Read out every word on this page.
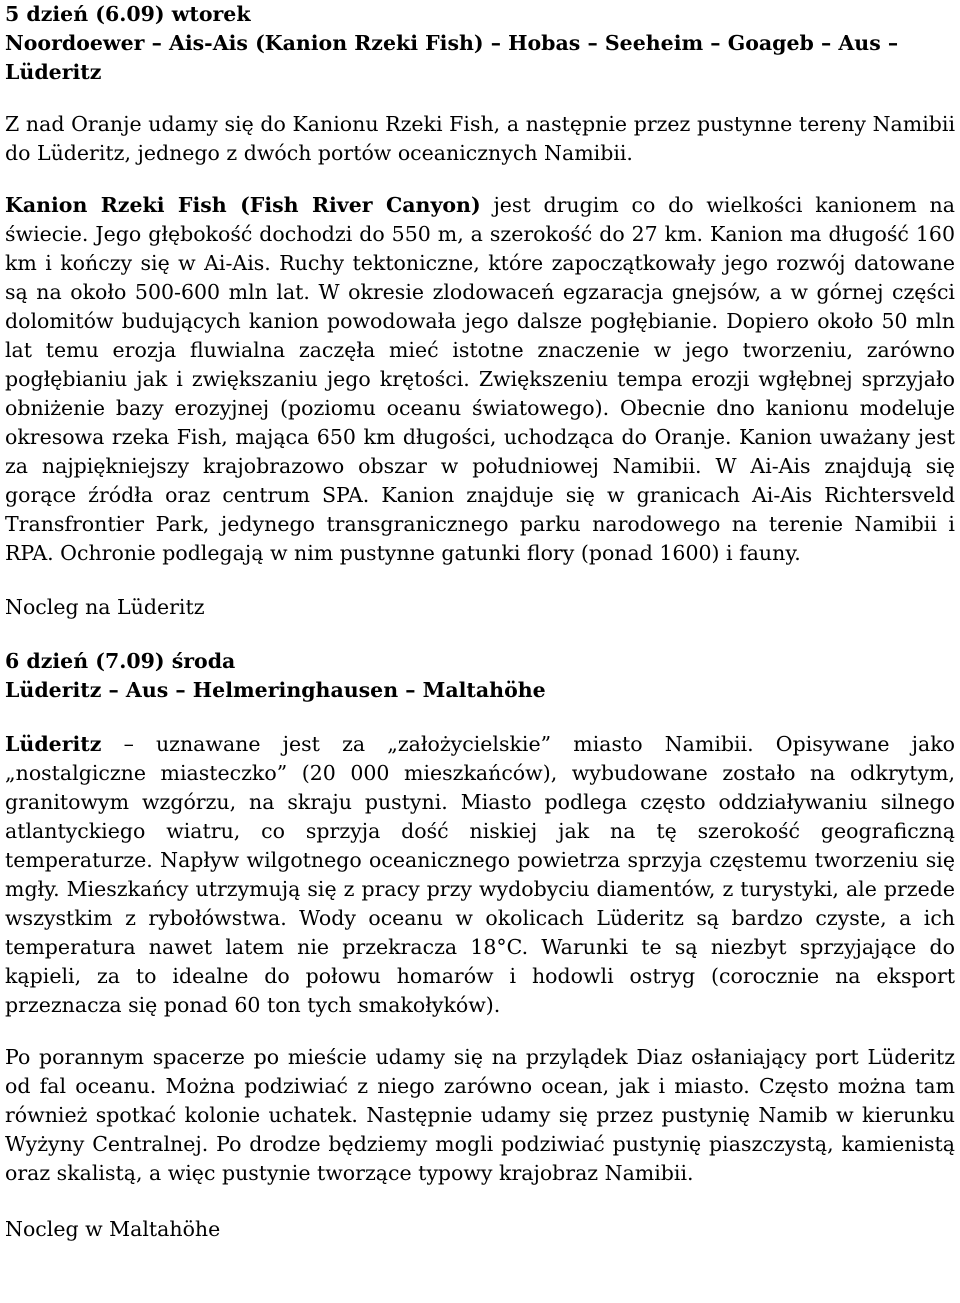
5 dzień (6.09) wtorek
Noordoewer – Ais-Ais (Kanion Rzeki Fish) – Hobas – Seeheim – Goageb – Aus – Lüderitz

Z nad Oranje udamy się do Kanionu Rzeki Fish, a następnie przez pustynne tereny Namibii do Lüderitz, jednego z dwóch portów oceanicznych Namibii.

Kanion Rzeki Fish (Fish River Canyon) jest drugim co do wielkości kanionem na świecie. Jego głębokość dochodzi do 550 m, a szerokość do 27 km. Kanion ma długość 160 km i kończy się w Ai-Ais. Ruchy tektoniczne, które zapoczątkowały jego rozwój datowane są na około 500-600 mln lat. W okresie zlodowaceń egzaracja gnejsów, a w górnej części dolomitów budujących kanion powodowała jego dalsze pogłębianie. Dopiero około 50 mln lat temu erozja fluwialna zaczęła mieć istotne znaczenie w jego tworzeniu, zarówno pogłębianiu jak i zwiększaniu jego krętości. Zwiększeniu tempa erozji wgłębnej sprzyjało obniżenie bazy erozyjnej (poziomu oceanu światowego). Obecnie dno kanionu modeluje okresowa rzeka Fish, mająca 650 km długości, uchodząca do Oranje. Kanion uważany jest za najpiękniejszy krajobrazowo obszar w południowej Namibii. W Ai-Ais znajdują się gorące źródła oraz centrum SPA. Kanion znajduje się w granicach Ai-Ais Richtersveld Transfrontier Park, jedynego transgranicznego parku narodowego na terenie Namibii i RPA. Ochronie podlegają w nim pustynne gatunki flory (ponad 1600) i fauny.

Nocleg na Lüderitz

6 dzień (7.09) środa
Lüderitz – Aus – Helmeringhausen – Maltahöhe

Lüderitz – uznawane jest za „założycielskie” miasto Namibii. Opisywane jako „nostalgiczne miasteczko” (20 000 mieszkańców), wybudowane zostało na odkrytym, granitowym wzgórzu, na skraju pustyni. Miasto podlega często oddziaływaniu silnego atlantyckiego wiatru, co sprzyja dość niskiej jak na tę szerokość geograficzną temperaturze. Napływ wilgotnego oceanicznego powietrza sprzyja częstemu tworzeniu się mgły. Mieszkańcy utrzymują się z pracy przy wydobyciu diamentów, z turystyki, ale przede wszystkim z rybołówstwa. Wody oceanu w okolicach Lüderitz są bardzo czyste, a ich temperatura nawet latem nie przekracza 18°C. Warunki te są niezbyt sprzyjające do kąpieli, za to idealne do połowu homarów i hodowli ostryg (corocznie na eksport przeznacza się ponad 60 ton tych smakołyków).

Po porannym spacerze po mieście udamy się na przylądek Diaz osłaniający port Lüderitz od fal oceanu. Można podziwiać z niego zarówno ocean, jak i miasto. Często można tam również spotkać kolonie uchatek. Następnie udamy się przez pustynię Namib w kierunku Wyżyny Centralnej. Po drodze będziemy mogli podziwiać pustynię piaszczystą, kamienistą oraz skalistą, a więc pustynie tworzące typowy krajobraz Namibii.

Nocleg w Maltahöhe
